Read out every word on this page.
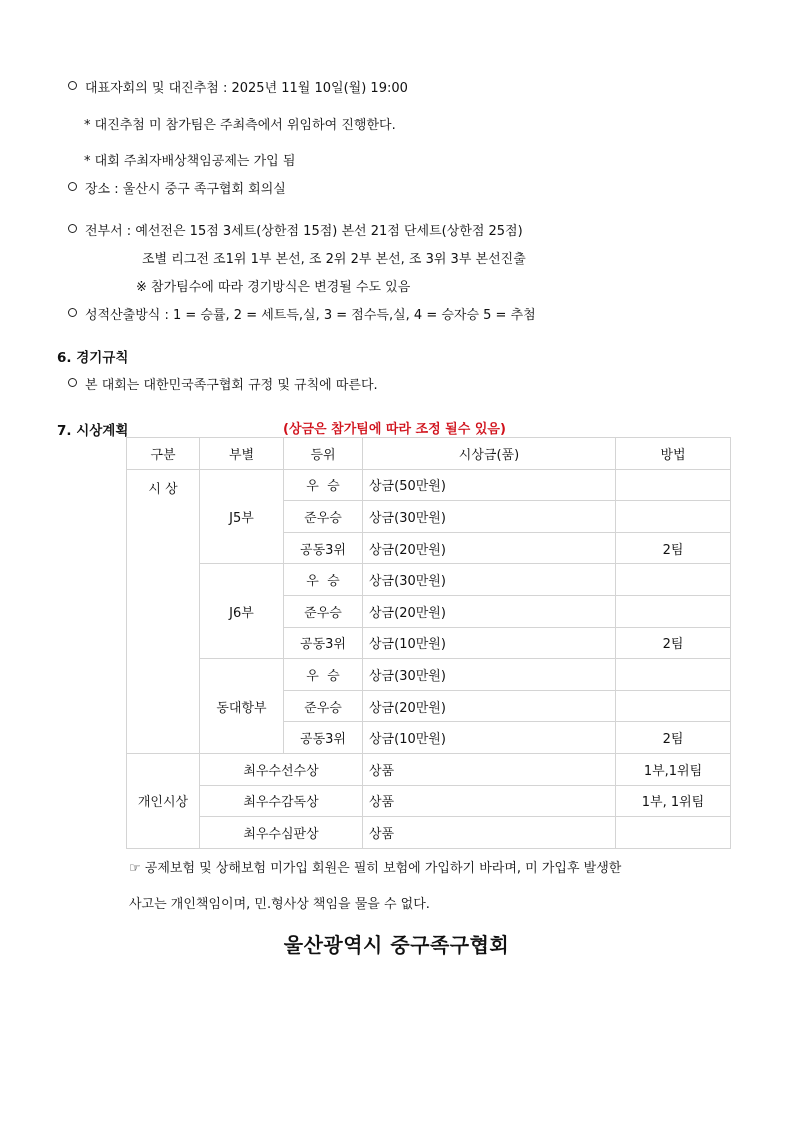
대표자회의 및 대진추첨 : 2025년 11월 10일(월) 19:00
* 대진추첨 미 참가팀은 주최측에서 위임하여 진행한다.
* 대회 주최자배상책임공제는 가입 됨
장소 : 울산시 중구 족구협회 회의실
전부서 : 예선전은 15점 3세트(상한점 15점) 본선 21점 단세트(상한점 25점)
조별 리그전 조1위 1부 본선, 조 2위 2부 본선, 조 3위 3부 본선진출
※ 참가팀수에 따라 경기방식은 변경될 수도 있음
성적산출방식 : 1 = 승률, 2 = 세트득,실, 3 = 점수득,실, 4 = 승자승 5 = 추첨
6. 경기규칙
본 대회는 대한민국족구협회 규정 및 규칙에 따른다.
7. 시상계획	(상금은 참가팀에 따라 조정 될수 있음)
구분	부별	등위	시상금(품)	방법
시 상	J5부	우  승	상금(50만원)	
		준우승	상금(30만원)	
		공동3위	상금(20만원)	2팀
	J6부	우  승	상금(30만원)	
		준우승	상금(20만원)	
		공동3위	상금(10만원)	2팀
	동대항부	우  승	상금(30만원)	
		준우승	상금(20만원)	
		공동3위	상금(10만원)	2팀
개인시상	최우수선수상		상품	1부,1위팀
	최우수감독상		상품	1부, 1위팀
	최우수심판상		상품	
☞ 공제보험 및 상해보험 미가입 회원은 필히 보험에 가입하기 바라며, 미 가입후 발생한
사고는 개인책임이며, 민.형사상 책임을 물을 수 없다.
울산광역시 중구족구협회
